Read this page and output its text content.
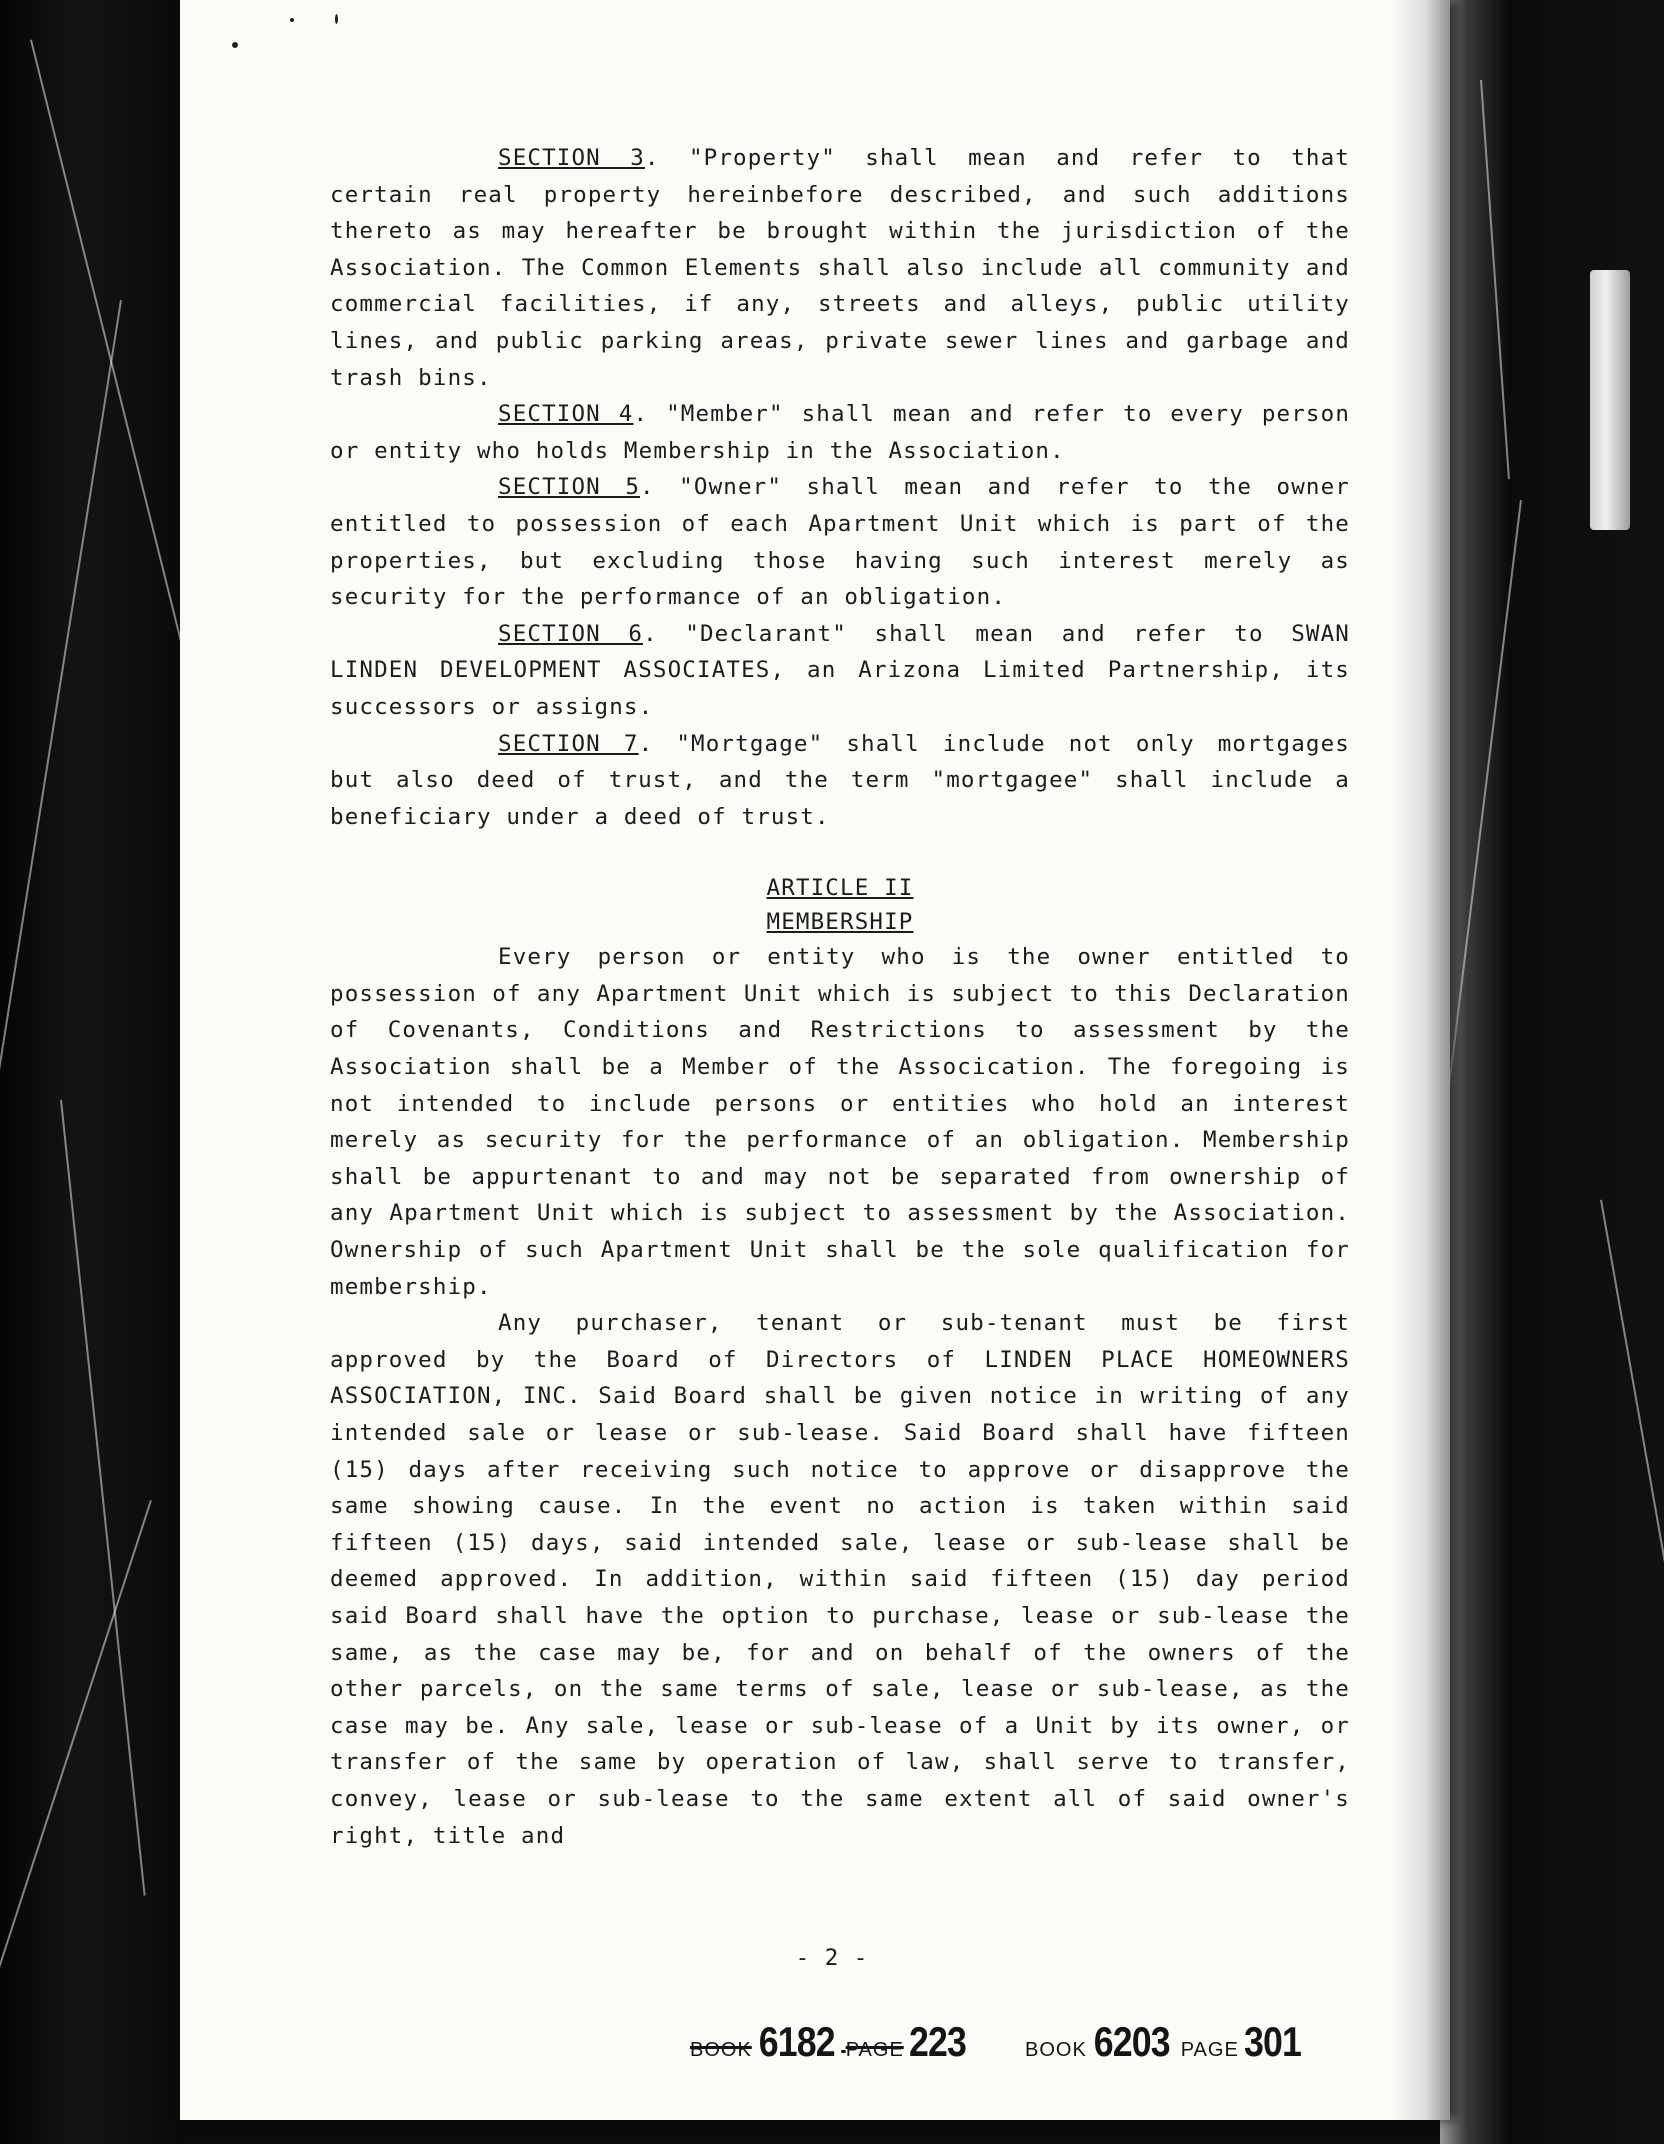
SECTION 3. "Property" shall mean and refer to that certain real property hereinbefore described, and such additions thereto as may hereafter be brought within the jurisdiction of the Association. The Common Elements shall also include all community and commercial facilities, if any, streets and alleys, public utility lines, and public parking areas, private sewer lines and garbage and trash bins.

SECTION 4. "Member" shall mean and refer to every person or entity who holds Membership in the Association.

SECTION 5. "Owner" shall mean and refer to the owner entitled to possession of each Apartment Unit which is part of the properties, but excluding those having such interest merely as security for the performance of an obligation.

SECTION 6. "Declarant" shall mean and refer to SWAN LINDEN DEVELOPMENT ASSOCIATES, an Arizona Limited Partnership, its successors or assigns.

SECTION 7. "Mortgage" shall include not only mortgages but also deed of trust, and the term "mortgagee" shall include a beneficiary under a deed of trust.

ARTICLE II

MEMBERSHIP

Every person or entity who is the owner entitled to possession of any Apartment Unit which is subject to this Declaration of Covenants, Conditions and Restrictions to assessment by the Association shall be a Member of the Assocication. The foregoing is not intended to include persons or entities who hold an interest merely as security for the performance of an obligation. Membership shall be appurtenant to and may not be separated from ownership of any Apartment Unit which is subject to assessment by the Association. Ownership of such Apartment Unit shall be the sole qualification for membership.

Any purchaser, tenant or sub-tenant must be first approved by the Board of Directors of LINDEN PLACE HOMEOWNERS ASSOCIATION, INC. Said Board shall be given notice in writing of any intended sale or lease or sub-lease. Said Board shall have fifteen (15) days after receiving such notice to approve or disapprove the same showing cause. In the event no action is taken within said fifteen (15) days, said intended sale, lease or sub-lease shall be deemed approved. In addition, within said fifteen (15) day period said Board shall have the option to purchase, lease or sub-lease the same, as the case may be, for and on behalf of the owners of the other parcels, on the same terms of sale, lease or sub-lease, as the case may be. Any sale, lease or sub-lease of a Unit by its owner, or transfer of the same by operation of law, shall serve to transfer, convey, lease or sub-lease to the same extent all of said owner's right, title and

- 2 -
BOOK 6182 PAGE 223	BOOK 6203 PAGE 301
